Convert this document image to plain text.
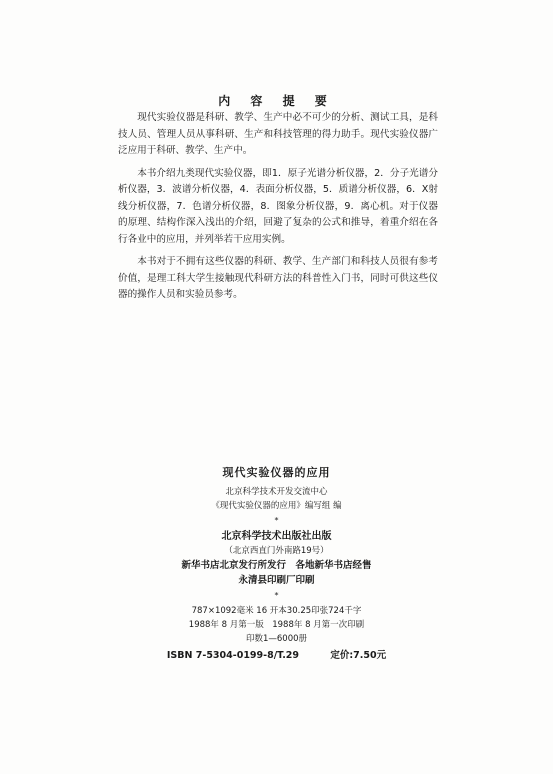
内 容 提 要

现代实验仪器是科研、教学、生产中必不可少的分析、测试工具，是科技人员、管理人员从事科研、生产和科技管理的得力助手。现代实验仪器广泛应用于科研、教学、生产中。

本书介绍九类现代实验仪器，即1．原子光谱分析仪器，2．分子光谱分析仪器，3．波谱分析仪器，4．表面分析仪器，5．质谱分析仪器，6．X射线分析仪器，7．色谱分析仪器，8．图象分析仪器，9．离心机。对于仪器的原理、结构作深入浅出的介绍，回避了复杂的公式和推导，着重介绍在各行各业中的应用，并列举若干应用实例。

本书对于不拥有这些仪器的科研、教学、生产部门和科技人员很有参考价值，是理工科大学生接触现代科研方法的科普性入门书，同时可供这些仪器的操作人员和实验员参考。

现代实验仪器的应用
北京科学技术开发交流中心
《现代实验仪器的应用》编写组 编
*
北京科学技术出版社出版
（北京西直门外南路19号）
新华书店北京发行所发行　各地新华书店经售
永清县印刷厂印刷
*
787×1092毫米 16 开本30.25印张724千字
1988年 8 月第一版　1988年 8 月第一次印刷
印数1—6000册
ISBN 7-5304-0199-8/T.29	定价:7.50元
